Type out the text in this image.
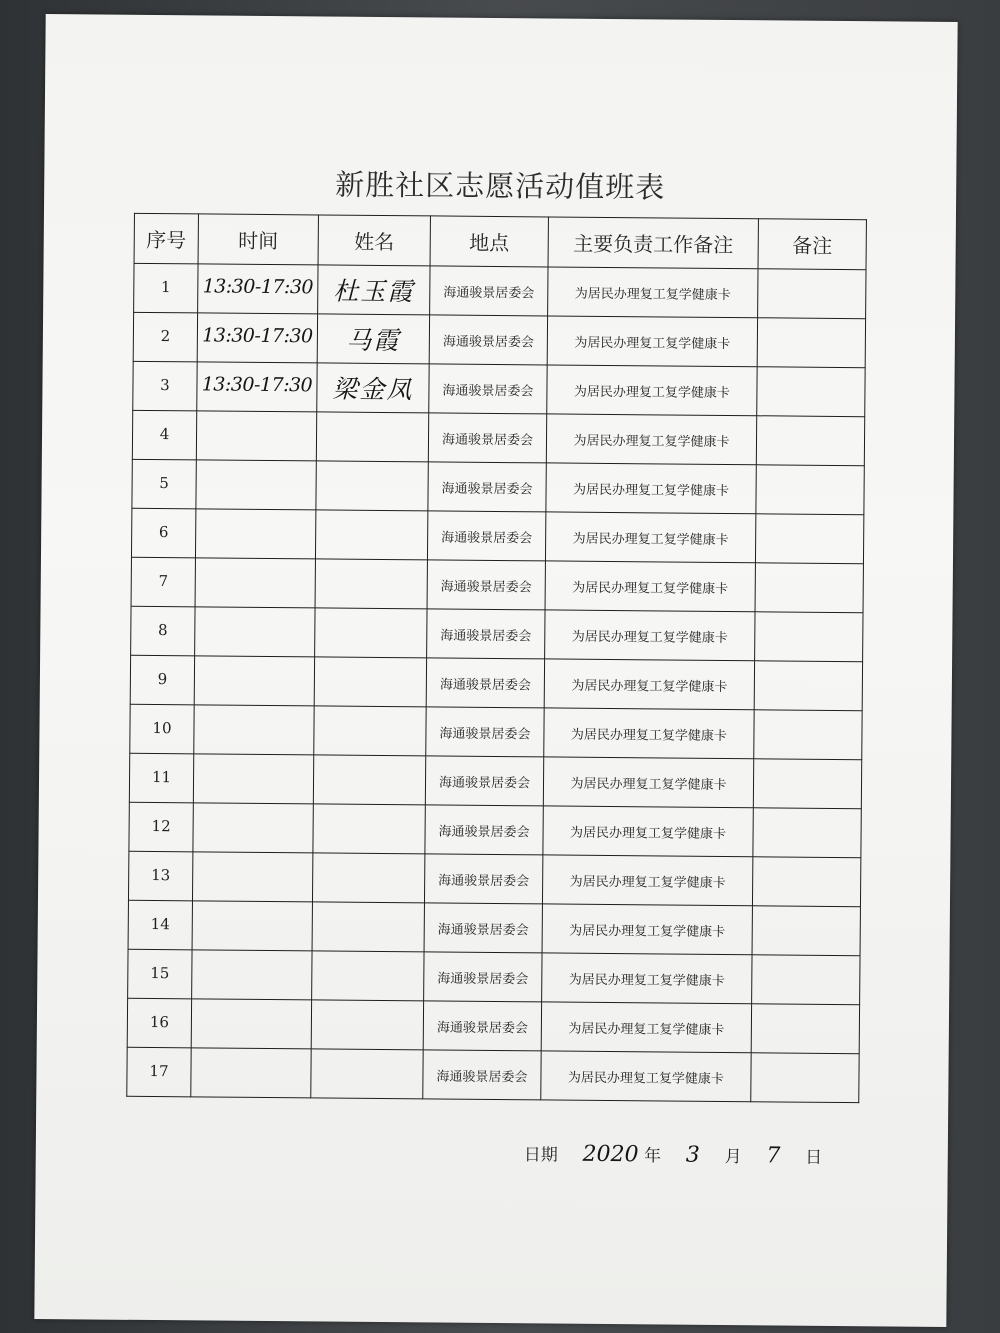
新胜社区志愿活动值班表
序号	时间	姓名	地点	主要负责工作备注	备注
1	13:30-17:30	杜玉霞	海通骏景居委会	为居民办理复工复学健康卡	
2	13:30-17:30	马霞	海通骏景居委会	为居民办理复工复学健康卡	
3	13:30-17:30	梁金凤	海通骏景居委会	为居民办理复工复学健康卡	
4			海通骏景居委会	为居民办理复工复学健康卡	
5			海通骏景居委会	为居民办理复工复学健康卡	
6			海通骏景居委会	为居民办理复工复学健康卡	
7			海通骏景居委会	为居民办理复工复学健康卡	
8			海通骏景居委会	为居民办理复工复学健康卡	
9			海通骏景居委会	为居民办理复工复学健康卡	
10			海通骏景居委会	为居民办理复工复学健康卡	
11			海通骏景居委会	为居民办理复工复学健康卡	
12			海通骏景居委会	为居民办理复工复学健康卡	
13			海通骏景居委会	为居民办理复工复学健康卡	
14			海通骏景居委会	为居民办理复工复学健康卡	
15			海通骏景居委会	为居民办理复工复学健康卡	
16			海通骏景居委会	为居民办理复工复学健康卡	
17			海通骏景居委会	为居民办理复工复学健康卡	
日期 2020 年 3 月 7 日
